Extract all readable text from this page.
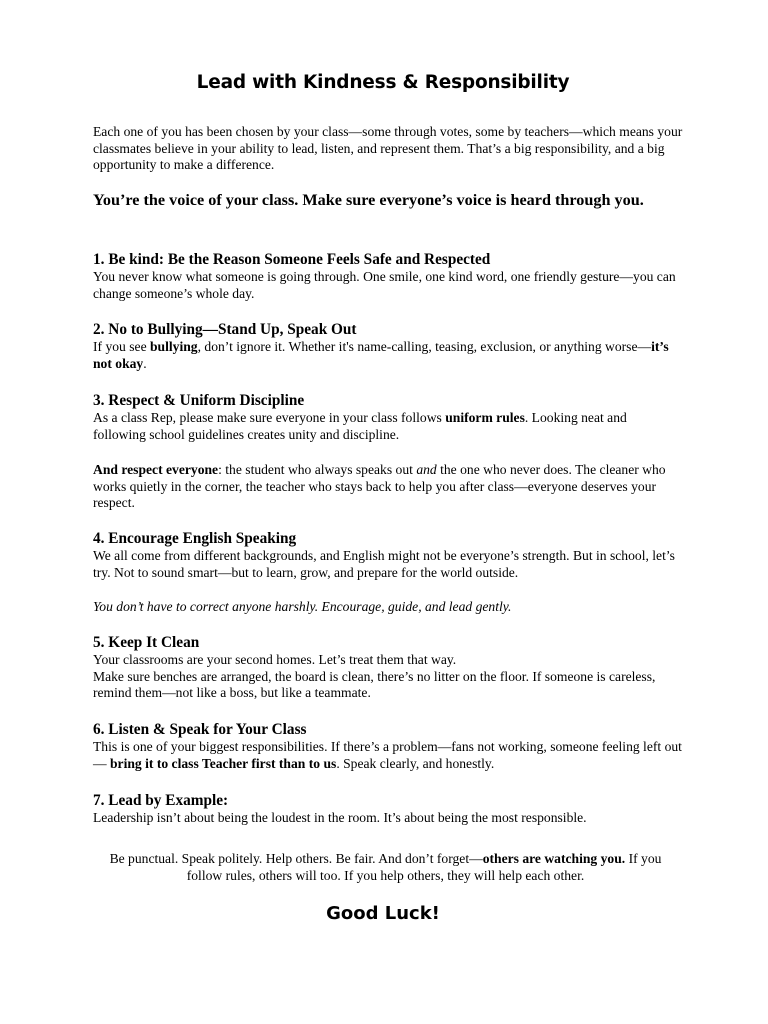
Lead with Kindness & Responsibility

Each one of you has been chosen by your class—some through votes, some by teachers—which means your classmates believe in your ability to lead, listen, and represent them. That’s a big responsibility, and a big opportunity to make a difference.

You’re the voice of your class. Make sure everyone’s voice is heard through you.

1. Be kind: Be the Reason Someone Feels Safe and Respected

You never know what someone is going through. One smile, one kind word, one friendly gesture—you can change someone’s whole day.

2. No to Bullying—Stand Up, Speak Out

If you see bullying, don’t ignore it. Whether it's name-calling, teasing, exclusion, or anything worse—it’s not okay.

3. Respect & Uniform Discipline

As a class Rep, please make sure everyone in your class follows uniform rules. Looking neat and following school guidelines creates unity and discipline.

And respect everyone: the student who always speaks out and the one who never does. The cleaner who works quietly in the corner, the teacher who stays back to help you after class—everyone deserves your respect.

4. Encourage English Speaking

We all come from different backgrounds, and English might not be everyone’s strength. But in school, let’s try. Not to sound smart—but to learn, grow, and prepare for the world outside.

You don’t have to correct anyone harshly. Encourage, guide, and lead gently.

5. Keep It Clean

Your classrooms are your second homes. Let’s treat them that way.

Make sure benches are arranged, the board is clean, there’s no litter on the floor. If someone is careless, remind them—not like a boss, but like a teammate.

6. Listen & Speak for Your Class

This is one of your biggest responsibilities. If there’s a problem—fans not working, someone feeling left out — bring it to class Teacher first than to us. Speak clearly, and honestly.

7. Lead by Example:

Leadership isn’t about being the loudest in the room. It’s about being the most responsible.

Be punctual. Speak politely. Help others. Be fair. And don’t forget—others are watching you. If you follow rules, others will too. If you help others, they will help each other.

Good Luck!
